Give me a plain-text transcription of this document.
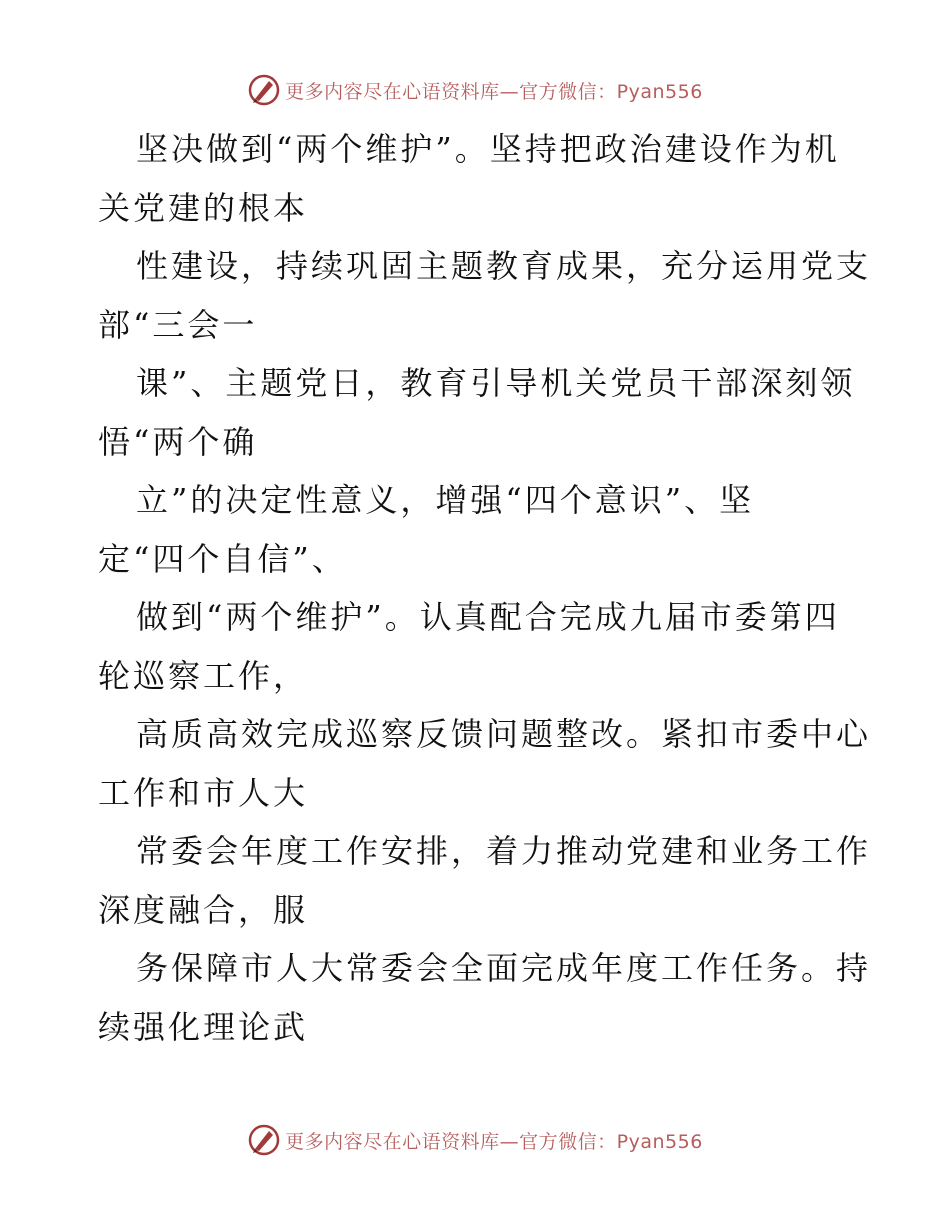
更多内容尽在心语资料库—官方微信：Pyan556
坚决做到“两个维护”。坚持把政治建设作为机
关党建的根本
性建设，持续巩固主题教育成果，充分运用党支
部“三会一
课”、主题党日，教育引导机关党员干部深刻领
悟“两个确
立”的决定性意义，增强“四个意识”、坚
定“四个自信”、
做到“两个维护”。认真配合完成九届市委第四
轮巡察工作，
高质高效完成巡察反馈问题整改。紧扣市委中心
工作和市人大
常委会年度工作安排，着力推动党建和业务工作
深度融合，服
务保障市人大常委会全面完成年度工作任务。持
续强化理论武
更多内容尽在心语资料库—官方微信：Pyan556
